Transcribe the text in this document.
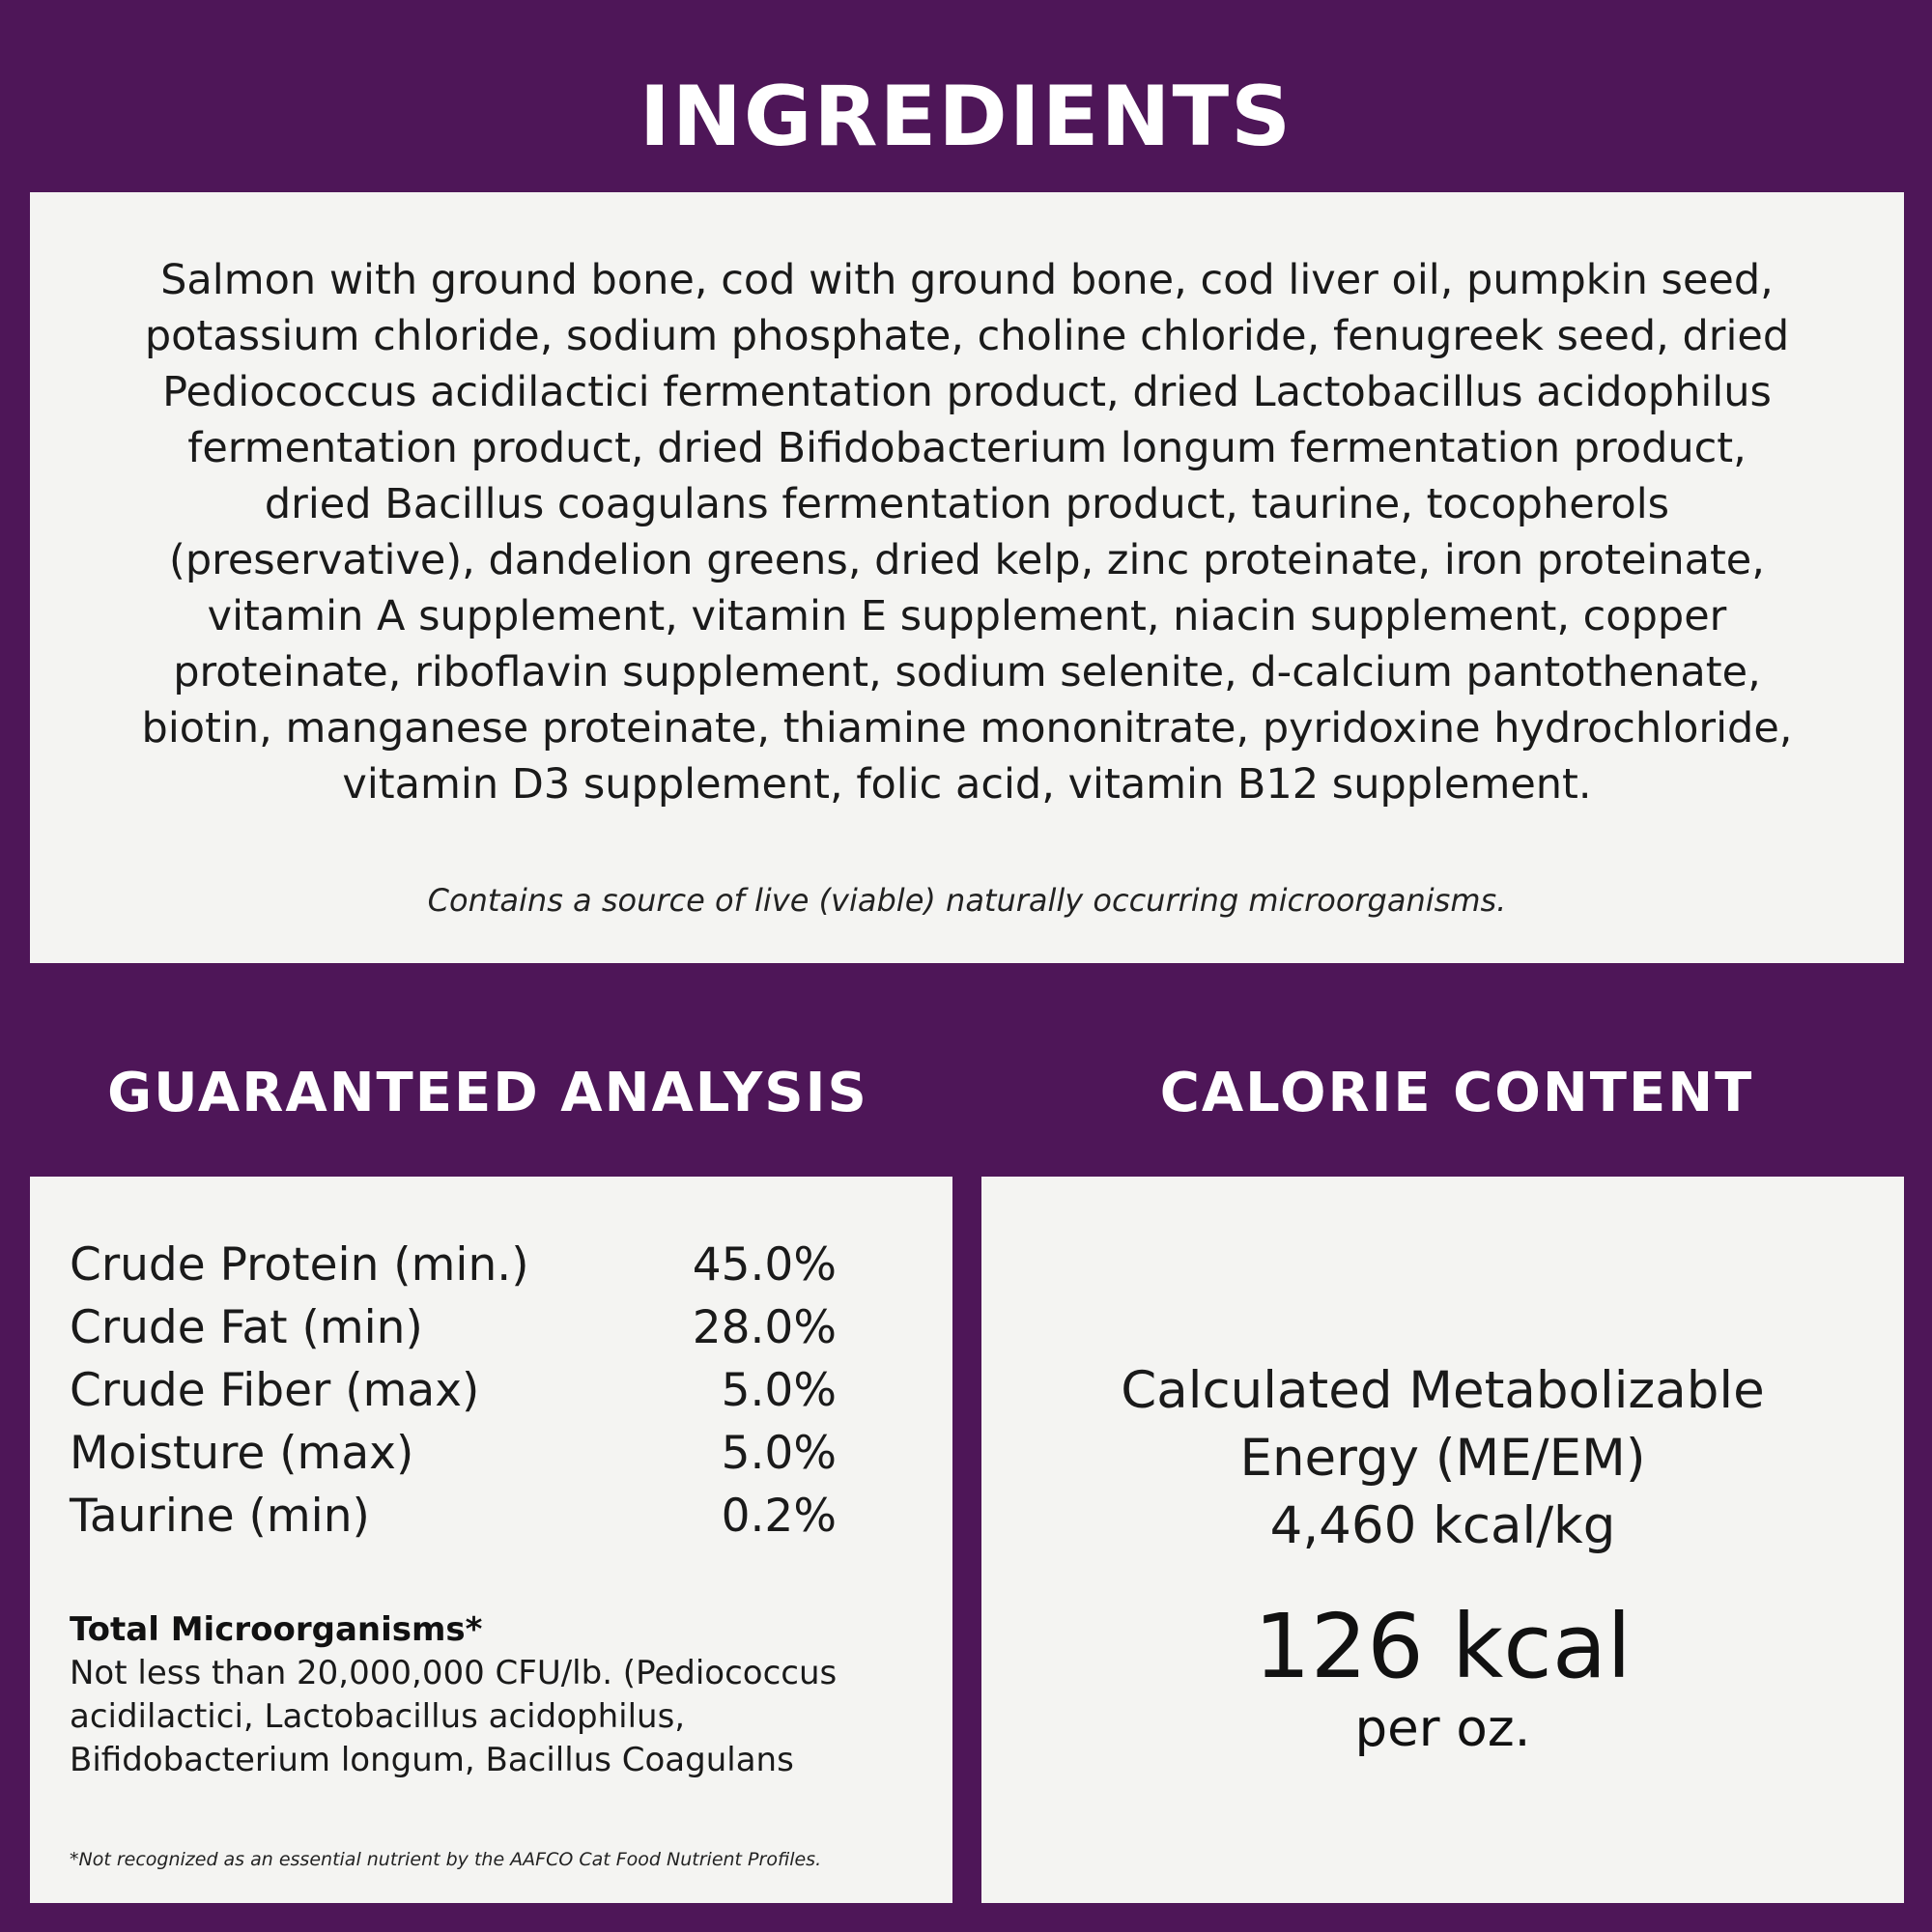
INGREDIENTS

Salmon with ground bone, cod with ground bone, cod liver oil, pumpkin seed,
potassium chloride, sodium phosphate, choline chloride, fenugreek seed, dried
Pediococcus acidilactici fermentation product, dried Lactobacillus acidophilus
fermentation product, dried Bifidobacterium longum fermentation product,
dried Bacillus coagulans fermentation product, taurine, tocopherols
(preservative), dandelion greens, dried kelp, zinc proteinate, iron proteinate,
vitamin A supplement, vitamin E supplement, niacin supplement, copper
proteinate, riboflavin supplement, sodium selenite, d-calcium pantothenate,
biotin, manganese proteinate, thiamine mononitrate, pyridoxine hydrochloride,
vitamin D3 supplement, folic acid, vitamin B12 supplement.

Contains a source of live (viable) naturally occurring microorganisms.

GUARANTEED ANALYSIS	CALORIE CONTENT
Crude Protein (min.)	45.0%
Crude Fat (min)	28.0%
Crude Fiber (max)	5.0%
Moisture (max)	5.0%
Taurine (min)	0.2%

Total Microorganisms*

Not less than 20,000,000 CFU/lb. (Pediococcus
acidilactici, Lactobacillus acidophilus,
Bifidobacterium longum, Bacillus Coagulans

*Not recognized as an essential nutrient by the AAFCO Cat Food Nutrient Profiles.

Calculated Metabolizable
Energy (ME/EM)
4,460 kcal/kg

126 kcal

per oz.
